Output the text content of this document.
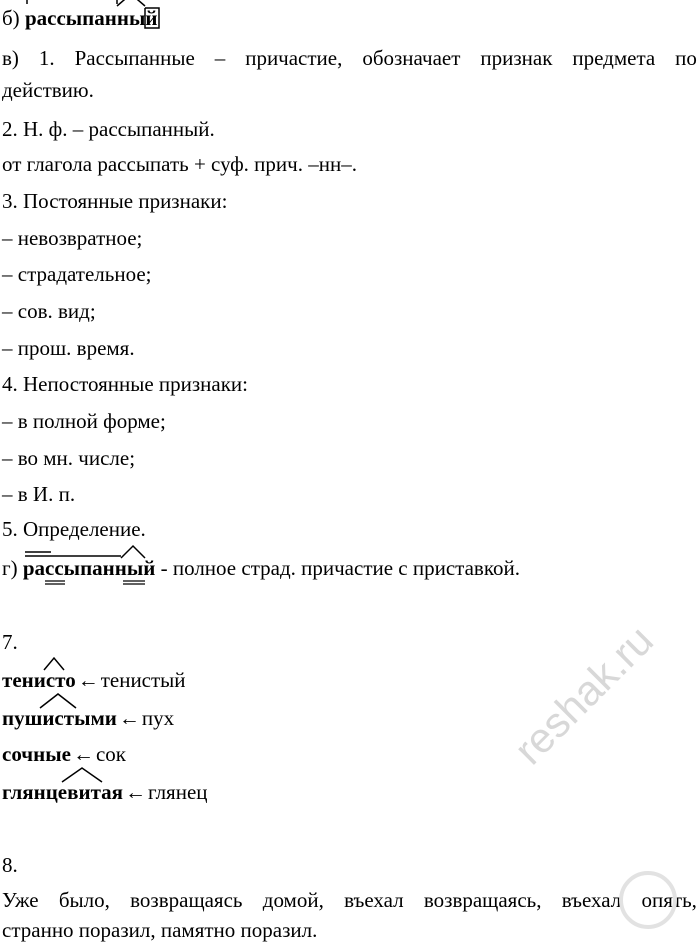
б) рассыпанный
в) 1. Рассыпанные – причастие, обозначает признак предмета по
действию.
2. Н. ф. – рассыпанный.
от глагола рассыпать + суф. прич. –нн–.
3. Постоянные признаки:
– невозвратное;
– страдательное;
– сов. вид;
– прош. время.
4. Непостоянные признаки:
– в полной форме;
– во мн. числе;
– в И. п.
5. Определение.
г) рассыпанный - полное страд. причастие с приставкой.
7.
тенисто
←тенистый
пушистыми
←пух
сочные←сок
глянцевитая
←глянец
8.
Уже было, возвращаясь домой, въехал возвращаясь, въехал опять,
странно поразил, памятно поразил.
reshak.ru
